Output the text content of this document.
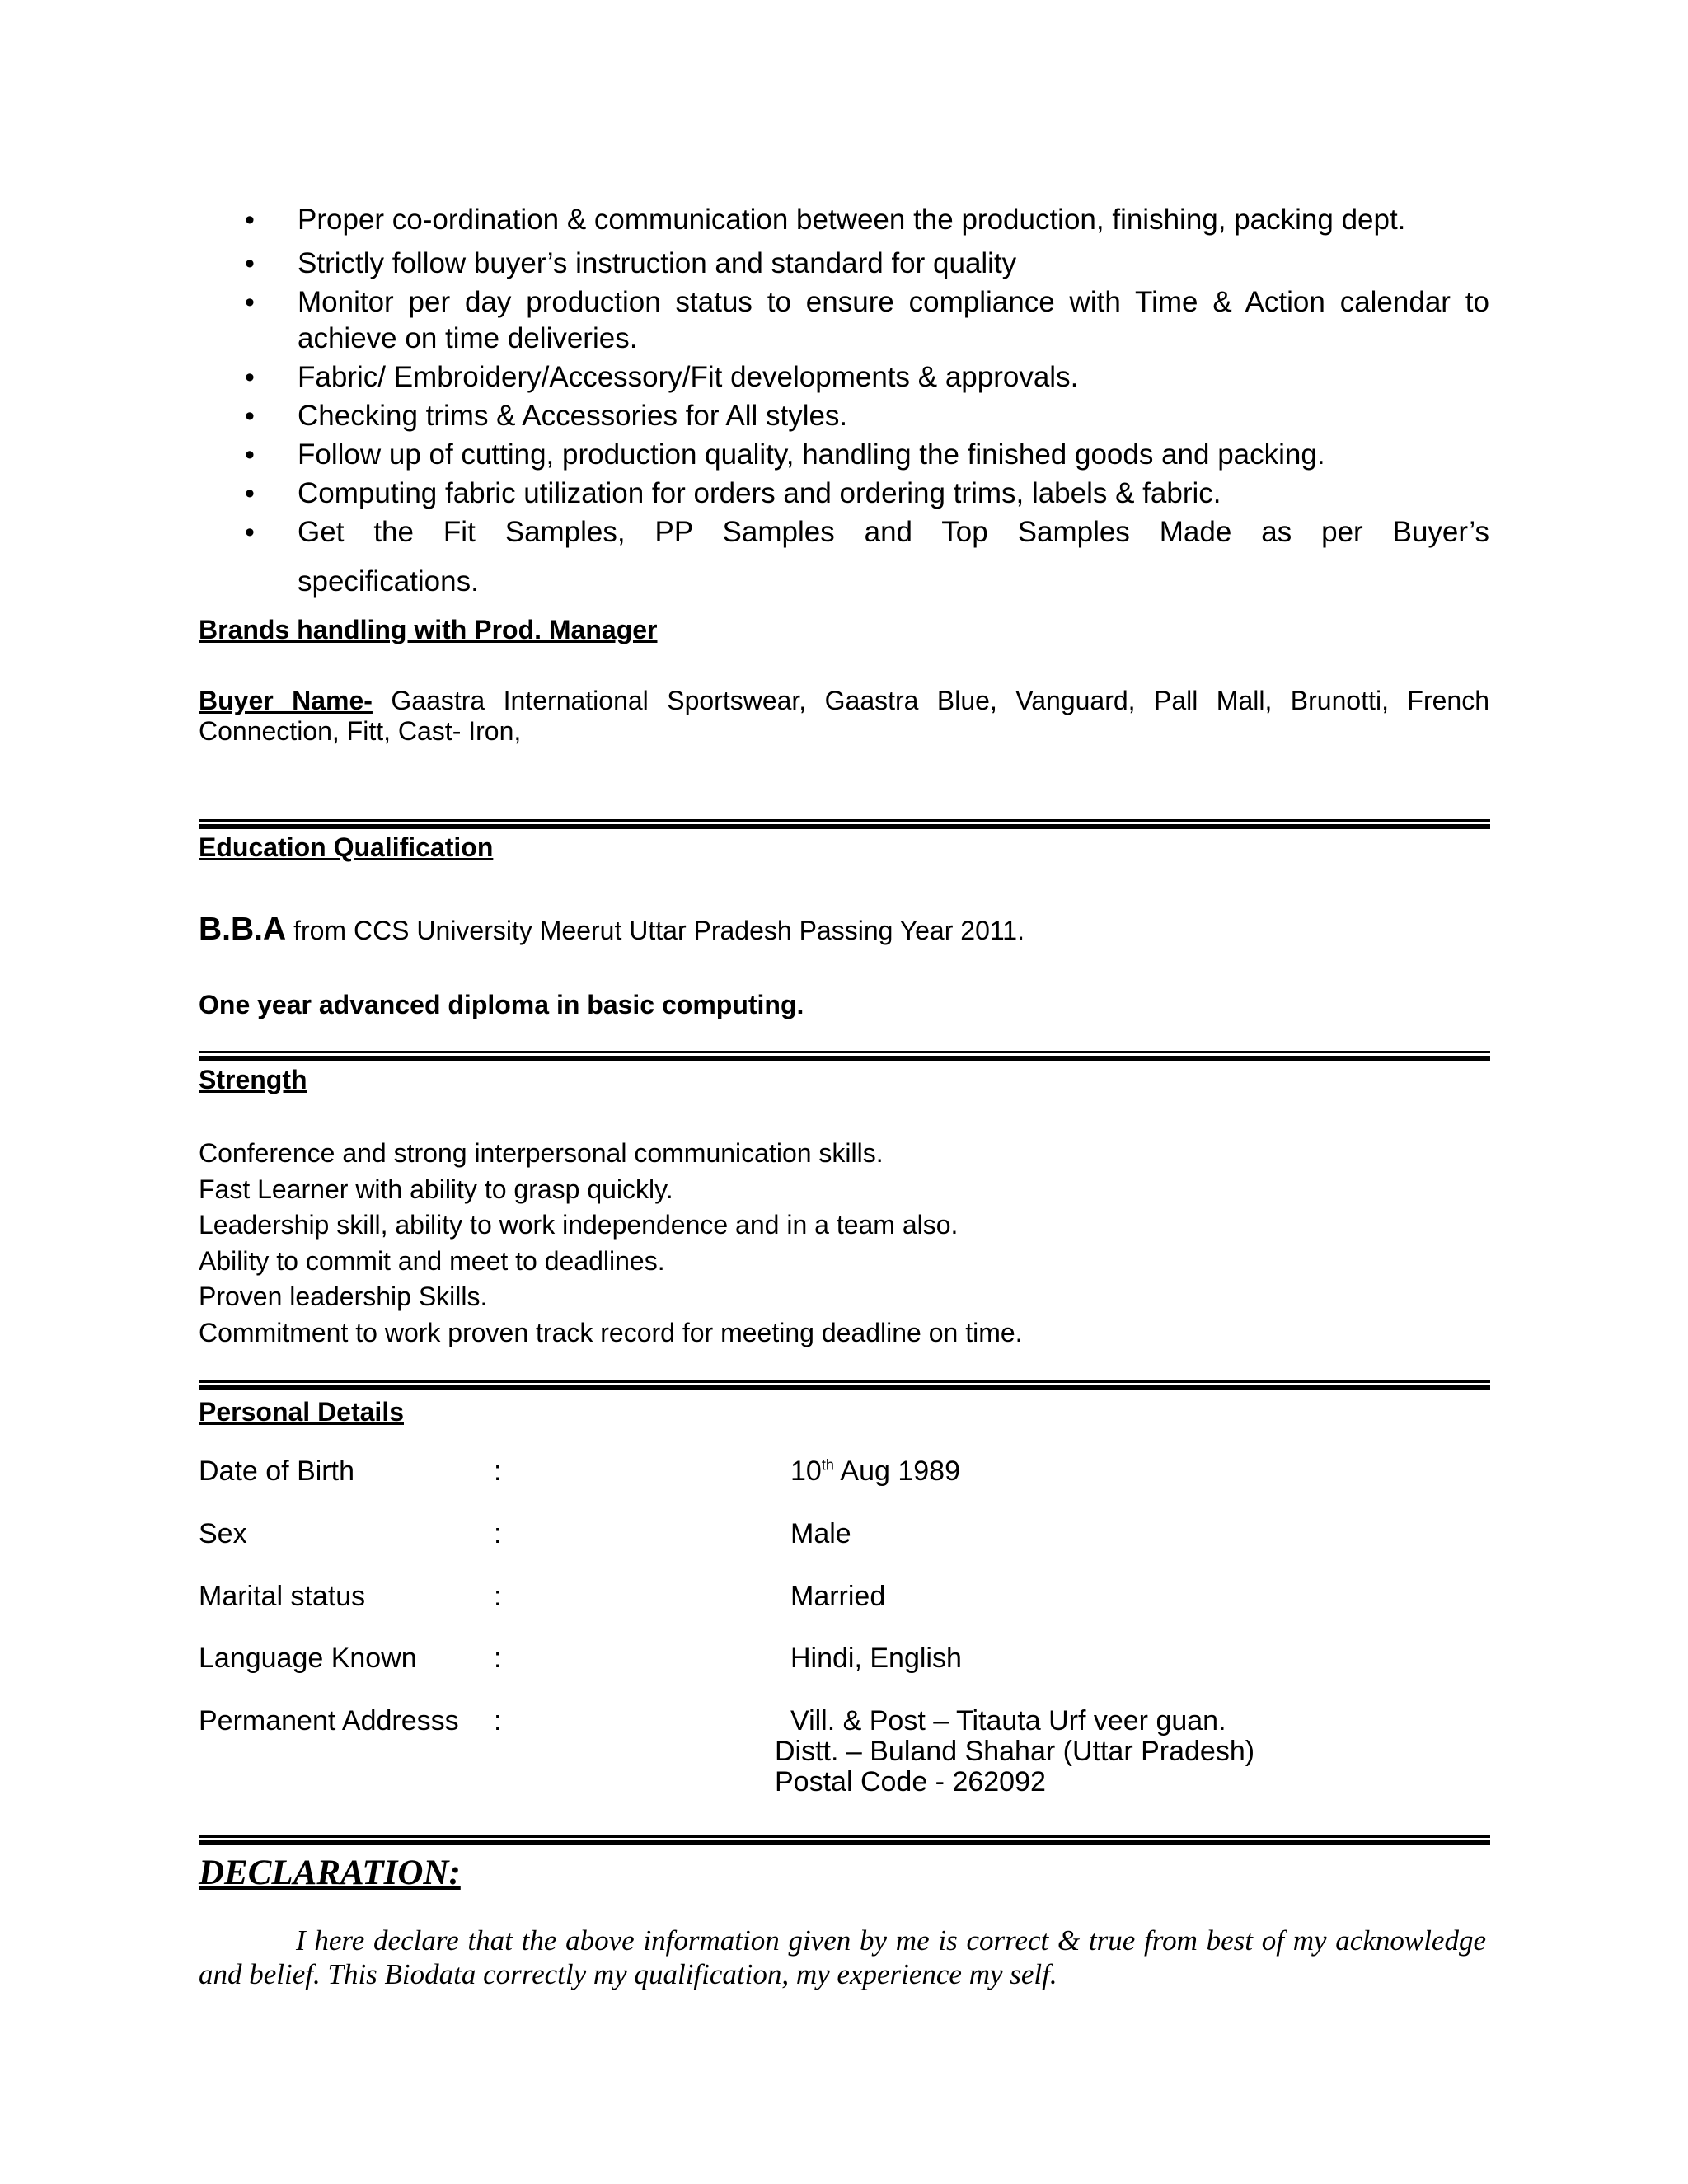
• Proper co-ordination & communication between the production, finishing, packing dept.
• Strictly follow buyer’s instruction and standard for quality
• Monitor per day production status to ensure compliance with Time & Action calendar to achieve on time deliveries.
• Fabric/ Embroidery/Accessory/Fit developments & approvals.
• Checking trims & Accessories for All styles.
• Follow up of cutting, production quality, handling the finished goods and packing.
• Computing fabric utilization for orders and ordering trims, labels & fabric.
• Get the Fit Samples, PP Samples and Top Samples Made as per Buyer’s
specifications.
Brands handling with Prod. Manager
Buyer Name- Gaastra International Sportswear, Gaastra Blue, Vanguard, Pall Mall, Brunotti, French Connection, Fitt, Cast- Iron,
Education Qualification
B.B.A from CCS University Meerut Uttar Pradesh Passing Year 2011.
One year advanced diploma in basic computing.
Strength
Conference and strong interpersonal communication skills.
Fast Learner with ability to grasp quickly.
Leadership skill, ability to work independence and in a team also.
Ability to commit and meet to deadlines.
Proven leadership Skills.
Commitment to work proven track record for meeting deadline on time.
Personal Details
Date of Birth	:	10th Aug 1989
Sex	:	Male
Marital status	:	Married
Language Known	:	Hindi, English
Permanent Addresss :	Vill. & Post – Titauta Urf veer guan.
Distt. – Buland Shahar (Uttar Pradesh)
Postal Code - 262092
DECLARATION:
I here declare that the above information given by me is correct & true from best of my acknowledge and belief. This Biodata correctly my qualification, my experience my self.
